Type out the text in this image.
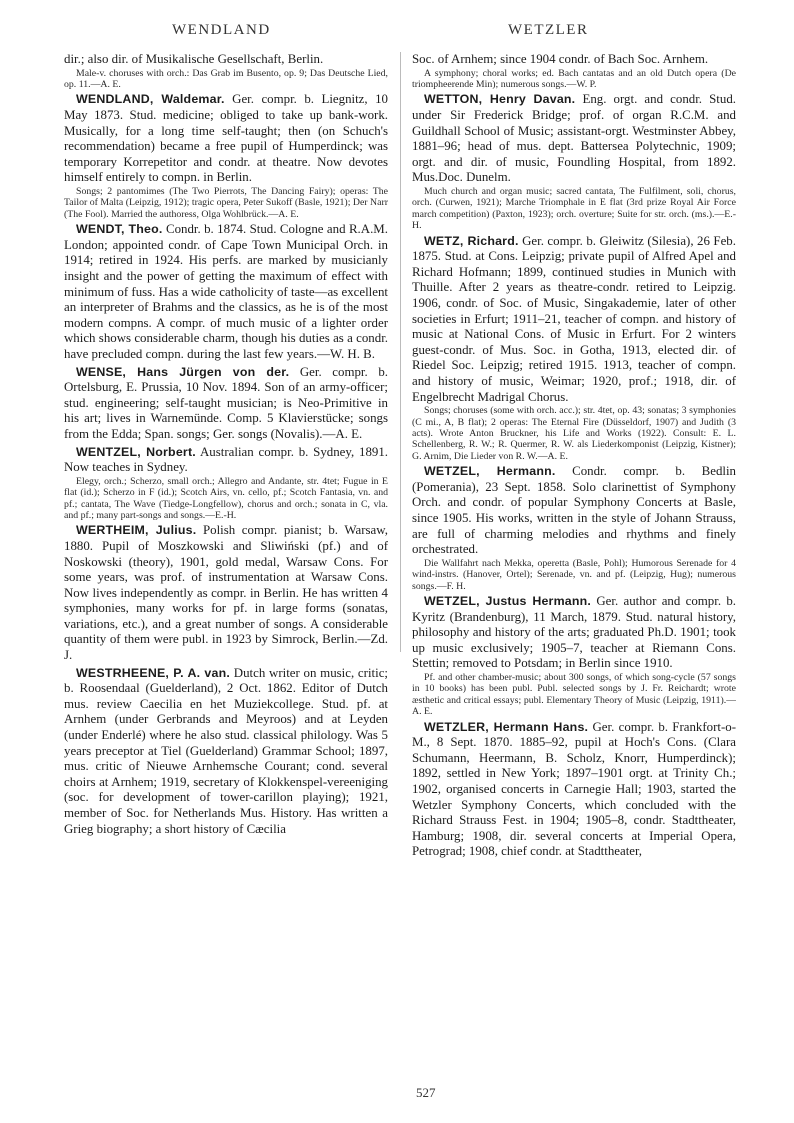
WENDLAND	WETZLER

dir.; also dir. of Musikalische Gesellschaft, Berlin.

Male-v. choruses with orch.: Das Grab im Busento, op. 9; Das Deutsche Lied, op. 11.—A. E.

WENDLAND, Waldemar. Ger. compr. b. Liegnitz, 10 May 1873. Stud. medicine; obliged to take up bank-work. Musically, for a long time self-taught; then (on Schuch's recommendation) became a free pupil of Humperdinck; was temporary Korrepetitor and condr. at theatre. Now devotes himself entirely to compn. in Berlin.

Songs; 2 pantomimes (The Two Pierrots, The Dancing Fairy); operas: The Tailor of Malta (Leipzig, 1912); tragic opera, Peter Sukoff (Basle, 1921); Der Narr (The Fool). Married the authoress, Olga Wohlbrück.—A. E.

WENDT, Theo. Condr. b. 1874. Stud. Cologne and R.A.M. London; appointed condr. of Cape Town Municipal Orch. in 1914; retired in 1924. His perfs. are marked by musicianly insight and the power of getting the maximum of effect with minimum of fuss. Has a wide catholicity of taste—as excellent an interpreter of Brahms and the classics, as he is of the most modern compns. A compr. of much music of a lighter order which shows considerable charm, though his duties as a condr. have precluded compn. during the last few years.—W. H. B.

WENSE, Hans Jürgen von der. Ger. compr. b. Ortelsburg, E. Prussia, 10 Nov. 1894. Son of an army-officer; stud. engineering; self-taught musician; is Neo-Primitive in his art; lives in Warnemünde. Comp. 5 Klavierstücke; songs from the Edda; Span. songs; Ger. songs (Novalis).—A. E.

WENTZEL, Norbert. Australian compr. b. Sydney, 1891. Now teaches in Sydney.

Elegy, orch.; Scherzo, small orch.; Allegro and Andante, str. 4tet; Fugue in E flat (id.); Scherzo in F (id.); Scotch Airs, vn. cello, pf.; Scotch Fantasia, vn. and pf.; cantata, The Wave (Tiedge-Longfellow), chorus and orch.; sonata in C, vla. and pf.; many part-songs and songs.—E.-H.

WERTHEIM, Julius. Polish compr. pianist; b. Warsaw, 1880. Pupil of Moszkowski and Sliwiński (pf.) and of Noskowski (theory), 1901, gold medal, Warsaw Cons. For some years, was prof. of instrumentation at Warsaw Cons. Now lives independently as compr. in Berlin. He has written 4 symphonies, many works for pf. in large forms (sonatas, variations, etc.), and a great number of songs. A considerable quantity of them were publ. in 1923 by Simrock, Berlin.—Zd. J.

WESTRHEENE, P. A. van. Dutch writer on music, critic; b. Roosendaal (Guelderland), 2 Oct. 1862. Editor of Dutch mus. review Caecilia en het Muziekcollege. Stud. pf. at Arnhem (under Gerbrands and Meyroos) and at Leyden (under Enderlé) where he also stud. classical philology. Was 5 years preceptor at Tiel (Guelderland) Grammar School; 1897, mus. critic of Nieuwe Arnhemsche Courant; cond. several choirs at Arnhem; 1919, secretary of Klokkenspel-vereeniging (soc. for development of tower-carillon playing); 1921, member of Soc. for Netherlands Mus. History. Has written a Grieg biography; a short history of Cæcilia

Soc. of Arnhem; since 1904 condr. of Bach Soc. Arnhem.

A symphony; choral works; ed. Bach cantatas and an old Dutch opera (De triomphеerende Min); numerous songs.—W. P.

WETTON, Henry Davan. Eng. orgt. and condr. Stud. under Sir Frederick Bridge; prof. of organ R.C.M. and Guildhall School of Music; assistant-orgt. Westminster Abbey, 1881–96; head of mus. dept. Battersea Polytechnic, 1909; orgt. and dir. of music, Foundling Hospital, from 1892. Mus.Doc. Dunelm.

Much church and organ music; sacred cantata, The Fulfilment, soli, chorus, orch. (Curwen, 1921); Marche Triomphale in E flat (3rd prize Royal Air Force march competition) (Paxton, 1923); orch. overture; Suite for str. orch. (ms.).—E.-H.

WETZ, Richard. Ger. compr. b. Gleiwitz (Silesia), 26 Feb. 1875. Stud. at Cons. Leipzig; private pupil of Alfred Apel and Richard Hofmann; 1899, continued studies in Munich with Thuille. After 2 years as theatre-condr. retired to Leipzig. 1906, condr. of Soc. of Music, Singakademie, later of other societies in Erfurt; 1911–21, teacher of compn. and history of music at National Cons. of Music in Erfurt. For 2 winters guest-condr. of Mus. Soc. in Gotha, 1913, elected dir. of Riedel Soc. Leipzig; retired 1915. 1913, teacher of compn. and history of music, Weimar; 1920, prof.; 1918, dir. of Engelbrecht Madrigal Chorus.

Songs; choruses (some with orch. acc.); str. 4tet, op. 43; sonatas; 3 symphonies (C mi., A, B flat); 2 operas: The Eternal Fire (Düsseldorf, 1907) and Judith (3 acts). Wrote Anton Bruckner, his Life and Works (1922). Consult: E. L. Schellenberg, R. W.; R. Quermer, R. W. als Liederkomponist (Leipzig, Kistner); G. Arnim, Die Lieder von R. W.—A. E.

WETZEL, Hermann. Condr. compr. b. Bedlin (Pomerania), 23 Sept. 1858. Solo clarinettist of Symphony Orch. and condr. of popular Symphony Concerts at Basle, since 1905. His works, written in the style of Johann Strauss, are full of charming melodies and rhythms and finely orchestrated.

Die Wallfahrt nach Mekka, operetta (Basle, Pohl); Humorous Serenade for 4 wind-instrs. (Hanover, Ortel); Serenade, vn. and pf. (Leipzig, Hug); numerous songs.—F. H.

WETZEL, Justus Hermann. Ger. author and compr. b. Kyritz (Brandenburg), 11 March, 1879. Stud. natural history, philosophy and history of the arts; graduated Ph.D. 1901; took up music exclusively; 1905–7, teacher at Riemann Cons. Stettin; removed to Potsdam; in Berlin since 1910.

Pf. and other chamber-music; about 300 songs, of which song-cycle (57 songs in 10 books) has been publ. Publ. selected songs by J. Fr. Reichardt; wrote æsthetic and critical essays; publ. Elementary Theory of Music (Leipzig, 1911).—A. E.

WETZLER, Hermann Hans. Ger. compr. b. Frankfort-o-M., 8 Sept. 1870. 1885–92, pupil at Hoch's Cons. (Clara Schumann, Heermann, B. Scholz, Knorr, Humperdinck); 1892, settled in New York; 1897–1901 orgt. at Trinity Ch.; 1902, organised concerts in Carnegie Hall; 1903, started the Wetzler Symphony Concerts, which concluded with the Richard Strauss Fest. in 1904; 1905–8, condr. Stadttheater, Hamburg; 1908, dir. several concerts at Imperial Opera, Petrograd; 1908, chief condr. at Stadttheater,

527
